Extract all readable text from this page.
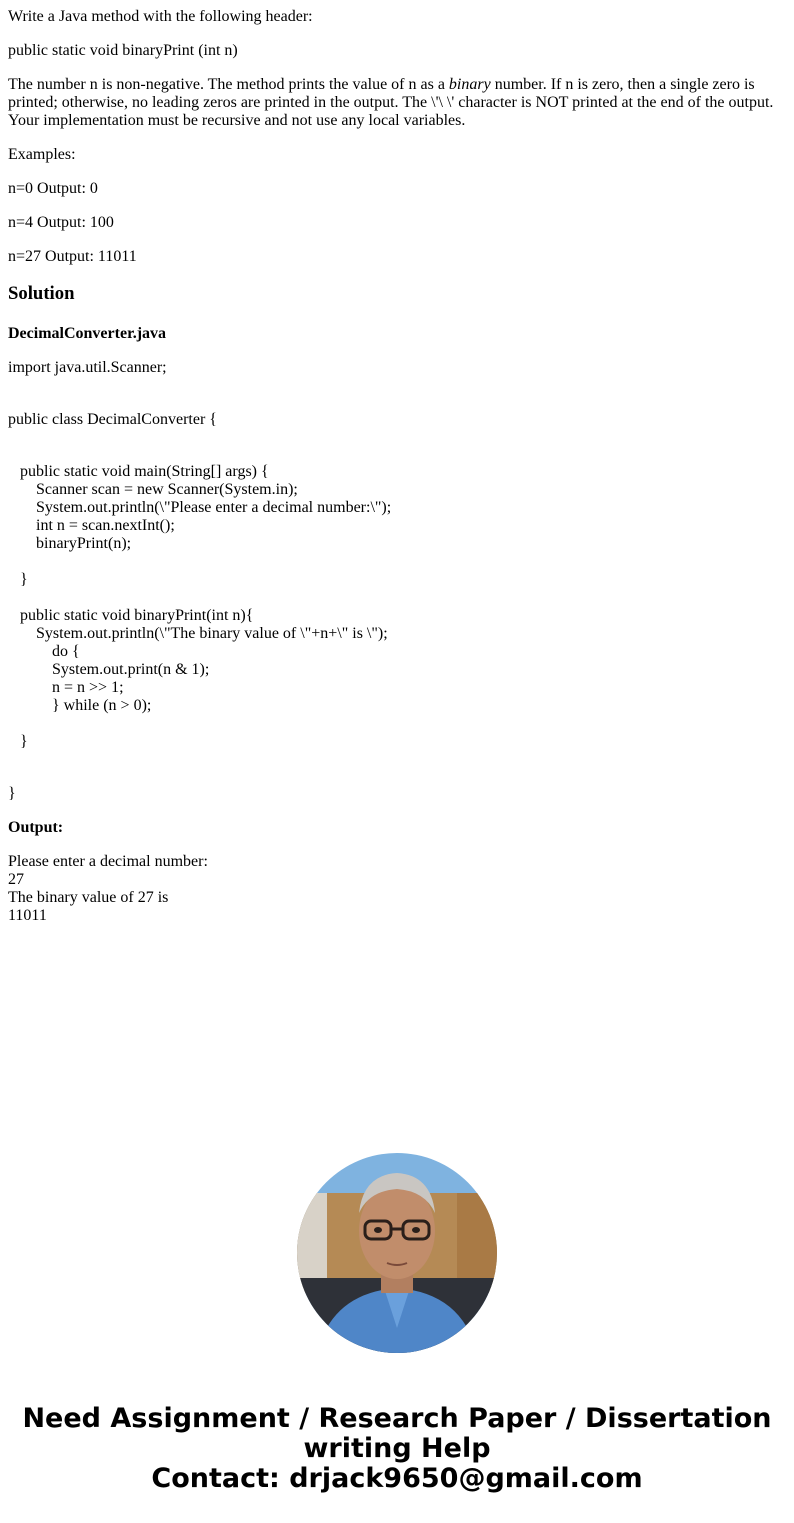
Write a Java method with the following header:

public static void binaryPrint (int n)

The number n is non-negative. The method prints the value of n as a binary number. If n is zero, then a single zero is printed; otherwise, no leading zeros are printed in the output. The \'\ \' character is NOT printed at the end of the output. Your implementation must be recursive and not use any local variables.

Examples:

n=0 Output: 0

n=4 Output: 100

n=27 Output: 11011

Solution

DecimalConverter.java

import java.util.Scanner;
public class DecimalConverter {
public static void main(String[] args) {
Scanner scan = new Scanner(System.in);
System.out.println(\"Please enter a decimal number:\");
int n = scan.nextInt();
binaryPrint(n);
}
public static void binaryPrint(int n){
System.out.println(\"The binary value of \"+n+\" is \");
do {
System.out.print(n & 1);
n = n >> 1;
} while (n > 0);
}
}

Output:

Please enter a decimal number:
27
The binary value of 27 is
11011
Need Assignment / Research Paper / Dissertation
writing Help
Contact: drjack9650@gmail.com
